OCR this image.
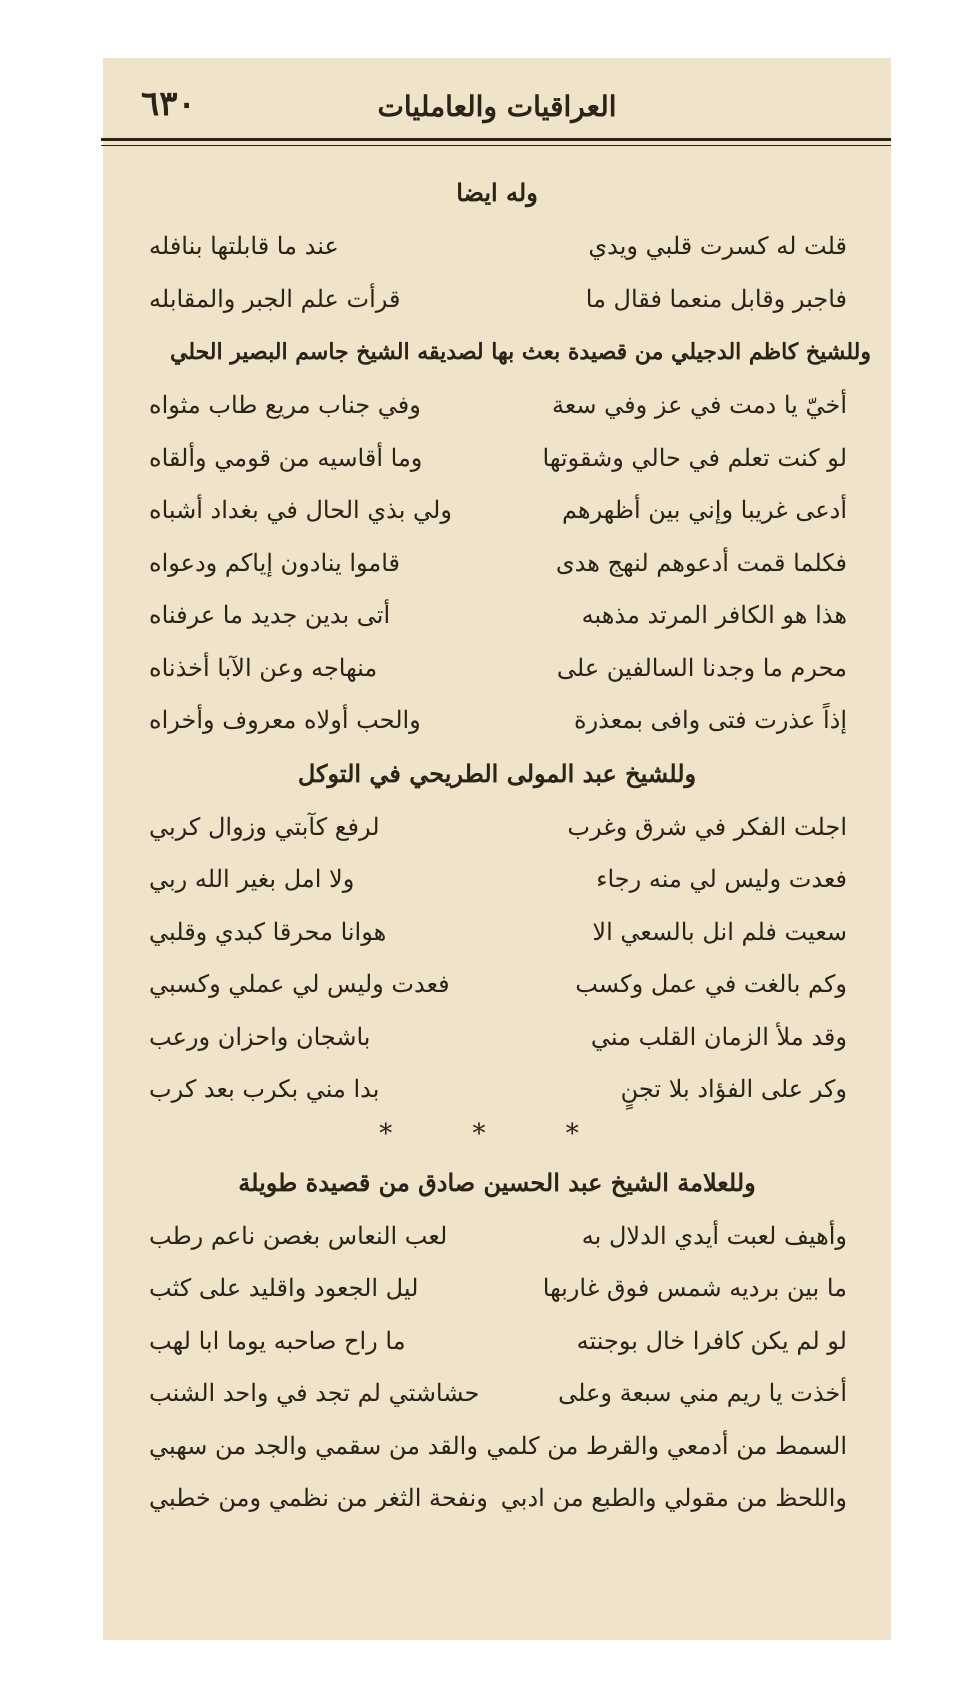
٦٣٠	العراقيات والعامليات
وله ايضا
قلت له كسرت قلبي ويدي
عند ما قابلتها بنافله
فاجبر وقابل منعما فقال ما
قرأت علم الجبر والمقابله
وللشيخ كاظم الدجيلي من قصيدة بعث بها لصديقه الشيخ جاسم البصير الحلي
أخيّ يا دمت في عز وفي سعة
وفي جناب مريع طاب مثواه
لو كنت تعلم في حالي وشقوتها
وما أقاسيه من قومي وألقاه
أدعى غريبا وإني بين أظهرهم
ولي بذي الحال في بغداد أشباه
فكلما قمت أدعوهم لنهج هدى
قاموا ينادون إياكم ودعواه
هذا هو الكافر المرتد مذهبه
أتى بدين جديد ما عرفناه
محرم ما وجدنا السالفين على
منهاجه وعن الآبا أخذناه
إذاً عذرت فتى وافى بمعذرة
والحب أولاه معروف وأخراه
وللشيخ عبد المولى الطريحي في التوكل
اجلت الفكر في شرق وغرب
لرفع كآبتي وزوال كربي
فعدت وليس لي منه رجاء
ولا امل بغير الله ربي
سعيت فلم انل بالسعي الا
هوانا محرقا كبدي وقلبي
وكم بالغت في عمل وكسب
فعدت وليس لي عملي وكسبي
وقد ملأ الزمان القلب مني
باشجان واحزان ورعب
وكر على الفؤاد بلا تجنٍ
بدا مني بكرب بعد كرب
* * *
وللعلامة الشيخ عبد الحسين صادق من قصيدة طويلة
وأهيف لعبت أيدي الدلال به
لعب النعاس بغصن ناعم رطب
ما بين برديه شمس فوق غاربها
ليل الجعود واقليد على كثب
لو لم يكن كافرا خال بوجنته
ما راح صاحبه يوما ابا لهب
أخذت يا ريم مني سبعة وعلى
حشاشتي لم تجد في واحد الشنب
السمط من أدمعي والقرط من كلمي
والقد من سقمي والجد من سهبي
واللحظ من مقولي والطبع من ادبي
ونفحة الثغر من نظمي ومن خطبي
